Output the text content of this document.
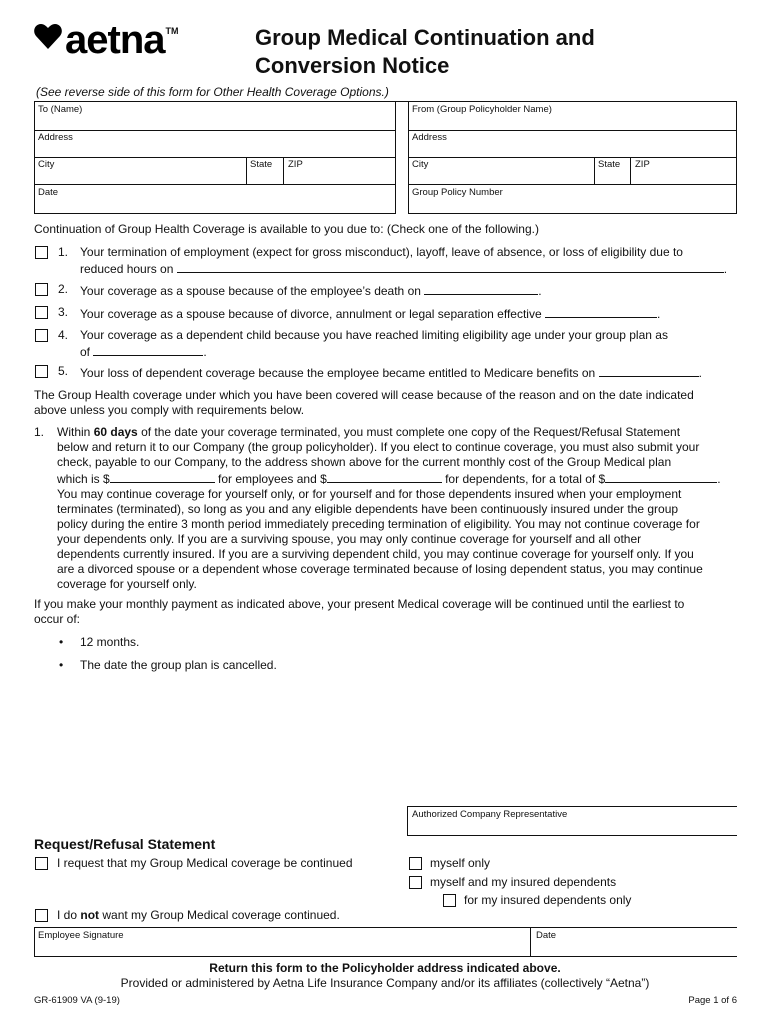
aetna TM	Group Medical Continuation and
Conversion Notice
(See reverse side of this form for Other Health Coverage Options.)
To (Name)
Address
City	State ZIP
Date
From (Group Policyholder Name)
Address
City	State ZIP
Group Policy Number
Continuation of Group Health Coverage is available to you due to: (Check one of the following.)
1. Your termination of employment (expect for gross misconduct), layoff, leave of absence, or loss of eligibility due to
reduced hours on	.
2. Your coverage as a spouse because of the employee’s death on	.
3. Your coverage as a spouse because of divorce, annulment or legal separation effective	.
4. Your coverage as a dependent child because you have reached limiting eligibility age under your group plan as
of	.
5. Your loss of dependent coverage because the employee became entitled to Medicare benefits on	.
The Group Health coverage under which you have been covered will cease because of the reason and on the date indicated
above unless you comply with requirements below.
1. Within 60 days of the date your coverage terminated, you must complete one copy of the Request/Refusal Statement
below and return it to our Company (the group policyholder). If you elect to continue coverage, you must also submit your
check, payable to our Company, to the address shown above for the current monthly cost of the Group Medical plan
which is $	for employees and $	for dependents, for a total of $	.
You may continue coverage for yourself only, or for yourself and for those dependents insured when your employment
terminates (terminated), so long as you and any eligible dependents have been continuously insured under the group
policy during the entire 3 month period immediately preceding termination of eligibility. You may not continue coverage for
your dependents only. If you are a surviving spouse, you may only continue coverage for yourself and all other
dependents currently insured. If you are a surviving dependent child, you may continue coverage for yourself only. If you
are a divorced spouse or a dependent whose coverage terminated because of losing dependent status, you may continue
coverage for yourself only.
If you make your monthly payment as indicated above, your present Medical coverage will be continued until the earliest to
occur of:
• 12 months.
• The date the group plan is cancelled.
Authorized Company Representative
Request/Refusal Statement
I request that my Group Medical coverage be continued	myself only
myself and my insured dependents
for my insured dependents only
I do not want my Group Medical coverage continued.
Employee Signature	Date
Return this form to the Policyholder address indicated above.
Provided or administered by Aetna Life Insurance Company and/or its affiliates (collectively “Aetna”)
GR-61909 VA (9-19)	Page 1 of 6
